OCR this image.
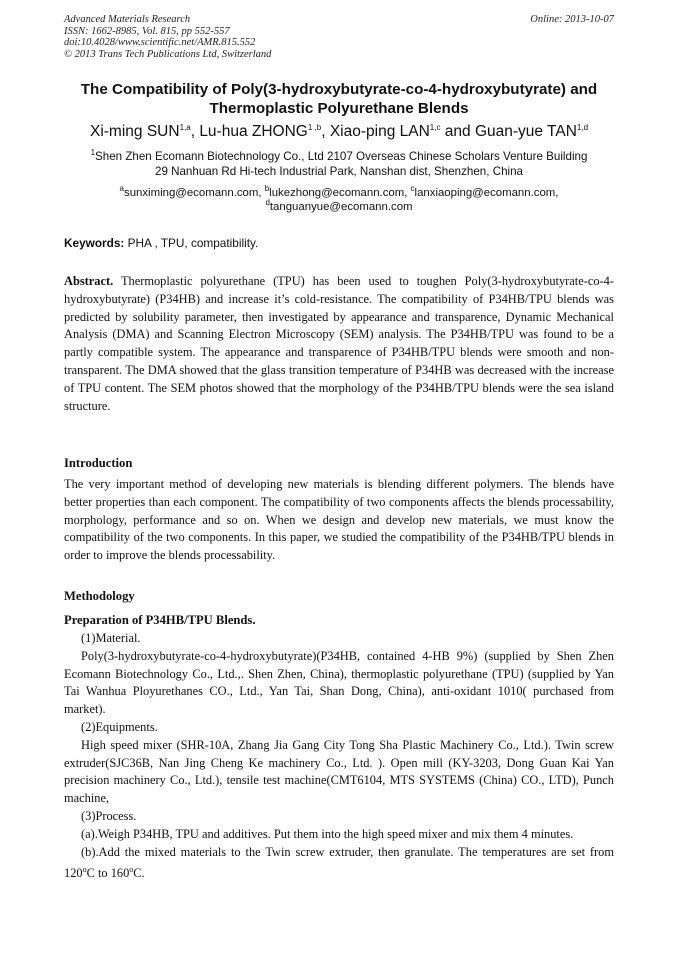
Advanced Materials Research
ISSN: 1662-8985, Vol. 815, pp 552-557
doi:10.4028/www.scientific.net/AMR.815.552
© 2013 Trans Tech Publications Ltd, Switzerland
Online: 2013-10-07
The Compatibility of Poly(3-hydroxybutyrate-co-4-hydroxybutyrate) and
Thermoplastic Polyurethane Blends
Xi-ming SUN$^{1,a}$, Lu-hua ZHONG$^{1 ,b}$, Xiao-ping LAN$^{1,c}$ and Guan-yue TAN$^{1,d}$
$^1$Shen Zhen Ecomann Biotechnology Co., Ltd 2107 Overseas Chinese Scholars Venture Building
29 Nanhuan Rd Hi-tech Industrial Park, Nanshan dist, Shenzhen, China
$^a$sunximing@ecomann.com, $^b$lukezhong@ecomann.com, $^c$lanxiaoping@ecomann.com,
$^d$tanguanyue@ecomann.com
Keywords: PHA , TPU, compatibility.
Abstract. Thermoplastic polyurethane (TPU) has been used to toughen Poly(3-hydroxybutyrate-co-4-hydroxybutyrate) (P34HB) and increase it’s cold-resistance. The compatibility of P34HB/TPU blends was predicted by solubility parameter, then investigated by appearance and transparence, Dynamic Mechanical Analysis (DMA) and Scanning Electron Microscopy (SEM) analysis. The P34HB/TPU was found to be a partly compatible system. The appearance and transparence of P34HB/TPU blends were smooth and non-transparent. The DMA showed that the glass transition temperature of P34HB was decreased with the increase of TPU content. The SEM photos showed that the morphology of the P34HB/TPU blends were the sea island structure.
Introduction
The very important method of developing new materials is blending different polymers. The blends have better properties than each component. The compatibility of two components affects the blends processability, morphology, performance and so on. When we design and develop new materials, we must know the compatibility of the two components. In this paper, we studied the compatibility of the P34HB/TPU blends in order to improve the blends processability.
Methodology
Preparation of P34HB/TPU Blends.

(1)Material.

Poly(3-hydroxybutyrate-co-4-hydroxybutyrate)(P34HB, contained 4-HB 9%) (supplied by Shen Zhen Ecomann Biotechnology Co., Ltd.,. Shen Zhen, China), thermoplastic polyurethane (TPU) (supplied by Yan Tai Wanhua Ployurethanes CO., Ltd., Yan Tai, Shan Dong, China), anti-oxidant 1010( purchased from market).

(2)Equipments.

High speed mixer (SHR-10A, Zhang Jia Gang City Tong Sha Plastic Machinery Co., Ltd.). Twin screw extruder(SJC36B, Nan Jing Cheng Ke machinery Co., Ltd. ). Open mill (KY-3203, Dong Guan Kai Yan precision machinery Co., Ltd.), tensile test machine(CMT6104, MTS SYSTEMS (China) CO., LTD), Punch machine,

(3)Process.

(a).Weigh P34HB, TPU and additives. Put them into the high speed mixer and mix them 4 minutes.

(b).Add the mixed materials to the Twin screw extruder, then granulate. The temperatures are set from 120$^o$C to 160$^o$C.
